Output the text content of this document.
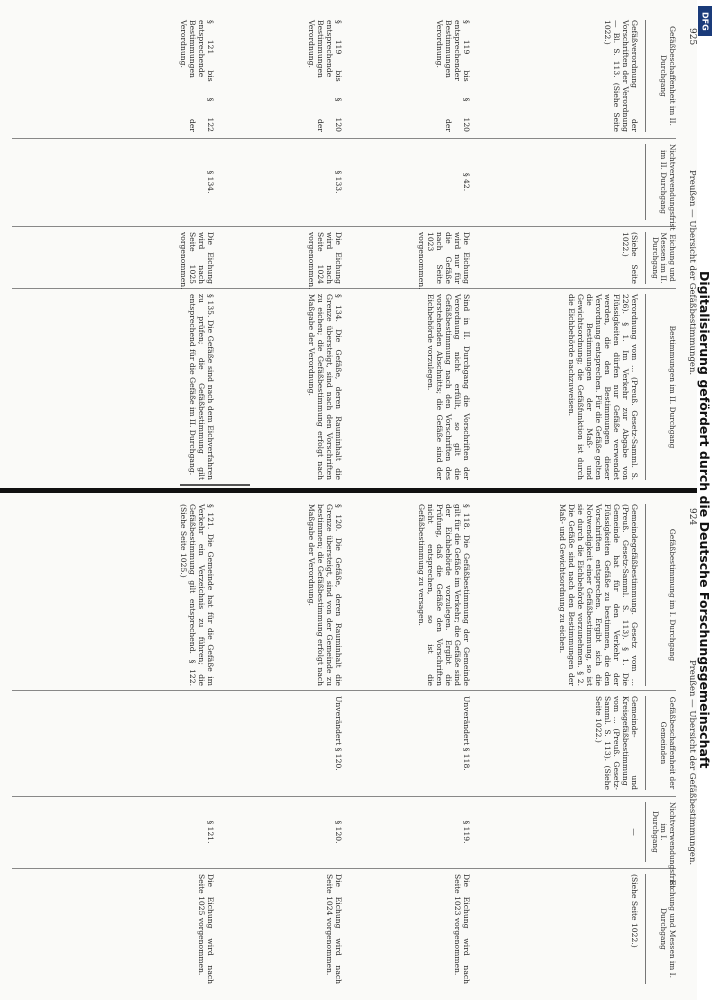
925
Preußen — Übersicht der Gefäßbestimmungen.
Gefäßbeschaffenheit im II. Durchgang
Gefäßverordnung der Vorschriften der Verordnung — Bl. S. 113. (Siehe Seite 1022.)
§ 119 bis § 120 entsprechender Bestimmungen der Verordnung.
§ 119 bis § 120 entsprechende Bestimmungen der Verordnung.
§ 121 bis § 122 entsprechende Bestimmungen der Verordnung.
Nichtverwendungsfrist im II. Durchgang
§ 42.
§ 133.
§ 134.
Eichung und Messen im II. Durchgang
(Siehe Seite 1022.)
Die Eichung wird nur für die Gefäße nach Seite 1023 vorgenommen.
Die Eichung wird nach Seite 1024 vorgenommen.
Die Eichung wird nach Seite 1025 vorgenommen.
Bestimmungen im II. Durchgang
Verordnung vom ... (Preuß. Gesetz-Samml. S. 226). § 1. Im Verkehr zur Abgabe von Flüssigkeiten dürfen nur Gefäße verwendet werden, die den Bestimmungen dieser Verordnung entsprechen. Für die Gefäße gelten die Bestimmungen der Maß- und Gewichtsordnung; die Gefäßfunktion ist durch die Eichbehörde nachzuweisen.
Sind in II. Durchgang die Vorschriften der Verordnung nicht erfüllt, so gilt die Gefäßbestimmung nach den Vorschriften des vorstehenden Abschnitts; die Gefäße sind der Eichbehörde vorzulegen.
§ 134. Die Gefäße, deren Rauminhalt die Grenze übersteigt, sind nach den Vorschriften zu eichen; die Gefäßbestimmung erfolgt nach Maßgabe der Verordnung.
§ 135. Die Gefäße sind nach dem Eichverfahren zu prüfen; die Gefäßbestimmung gilt entsprechend für die Gefäße im II. Durchgang.
924
Preußen — Übersicht der Gefäßbestimmungen.
Gefäßbestimmung im I. Durchgang
Gemeindegefäßbestimmung. Gesetz vom ... (Preuß. Gesetz-Samml. S. 113). § 1. Die Gemeinde hat für den Verkehr der Flüssigkeiten Gefäße zu bestimmen, die den Vorschriften entsprechen. Ergibt sich die Notwendigkeit einer Gefäßbestimmung, so ist sie durch die Eichbehörde vorzunehmen. § 2. Die Gefäße sind nach den Bestimmungen der Maß- und Gewichtsordnung zu eichen.
§ 118. Die Gefäßbestimmung der Gemeinde gilt für die Gefäße im Verkehr; die Gefäße sind der Eichbehörde vorzulegen. Ergibt die Prüfung, daß die Gefäße den Vorschriften nicht entsprechen, so ist die Gefäßbestimmung zu versagen.
§ 120. Die Gefäße, deren Rauminhalt die Grenze übersteigt, sind von der Gemeinde zu bestimmen; die Gefäßbestimmung erfolgt nach Maßgabe der Verordnung.
§ 121. Die Gemeinde hat für die Gefäße im Verkehr ein Verzeichnis zu führen; die Gefäßbestimmung gilt entsprechend. § 122. (Siehe Seite 1025.)
Gefäßbeschaffenheit der Gemeinden
Gemeinde- und Kreisgefäßbestimmung vom ... (Preuß. Gesetz-Samml. S. 113). (Siehe Seite 1022.)
Unverändert § 118.
Unverändert § 120.
Nichtverwendungsfrist im I. Durchgang
—
§ 119.
§ 120.
§ 121.
Eichung und Messen im I. Durchgang
(Siehe Seite 1022.)
Die Eichung wird nach Seite 1023 vorgenommen.
Die Eichung wird nach Seite 1024 vorgenommen.
Die Eichung wird nach Seite 1025 vorgenommen.
DFG
Digitalisierung gefördert durch die Deutsche Forschungsgemeinschaft
